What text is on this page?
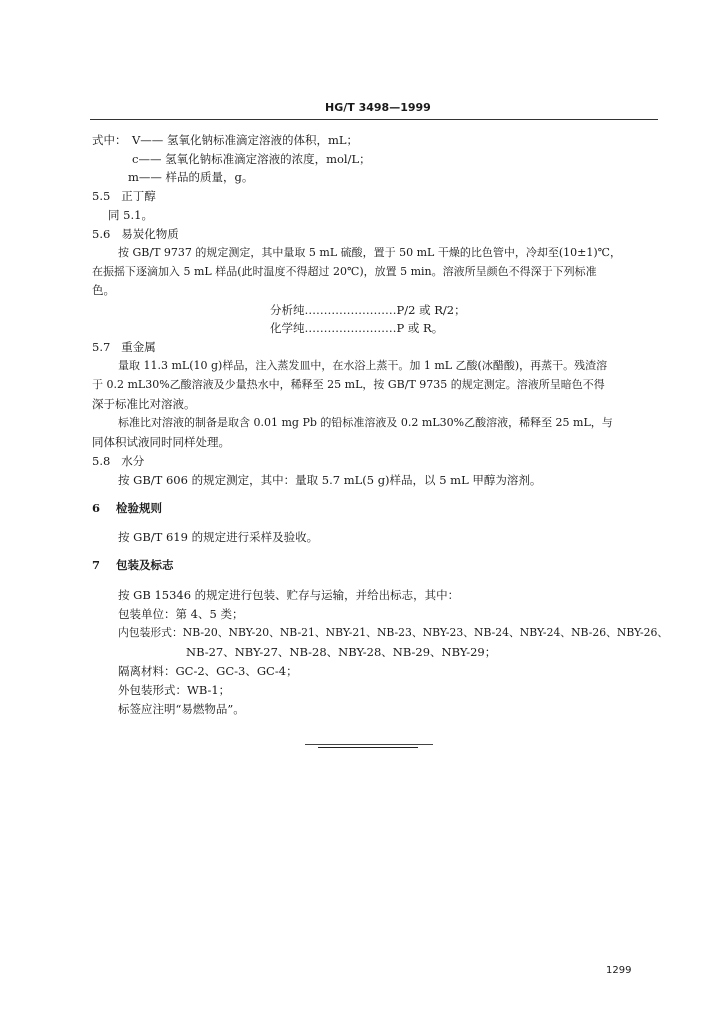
HG/T 3498—1999
式中： V—— 氢氧化钠标准滴定溶液的体积，mL；
c—— 氢氧化钠标准滴定溶液的浓度，mol/L；
m—— 样品的质量，g。
5.5 正丁醇
同 5.1。
5.6 易炭化物质
按 GB/T 9737 的规定测定，其中量取 5 mL 硫酸，置于 50 mL 干燥的比色管中，冷却至(10±1)℃，
在振摇下逐滴加入 5 mL 样品(此时温度不得超过 20℃)，放置 5 min。溶液所呈颜色不得深于下列标准
色。
分析纯……………………P/2 或 R/2；
化学纯……………………P 或 R。
5.7 重金属
量取 11.3 mL(10 g)样品，注入蒸发皿中，在水浴上蒸干。加 1 mL 乙酸(冰醋酸)，再蒸干。残渣溶
于 0.2 mL30%乙酸溶液及少量热水中，稀释至 25 mL，按 GB/T 9735 的规定测定。溶液所呈暗色不得
深于标准比对溶液。
标准比对溶液的制备是取含 0.01 mg Pb 的铅标准溶液及 0.2 mL30%乙酸溶液，稀释至 25 mL，与
同体积试液同时同样处理。
5.8 水分
按 GB/T 606 的规定测定，其中：量取 5.7 mL(5 g)样品，以 5 mL 甲醇为溶剂。
6 检验规则
按 GB/T 619 的规定进行采样及验收。
7 包装及标志
按 GB 15346 的规定进行包装、贮存与运输，并给出标志，其中：
包装单位：第 4、5 类；
内包装形式：NB-20、NBY-20、NB-21、NBY-21、NB-23、NBY-23、NB-24、NBY-24、NB-26、NBY-26、
NB-27、NBY-27、NB-28、NBY-28、NB-29、NBY-29；
隔离材料：GC-2、GC-3、GC-4；
外包装形式：WB-1；
标签应注明“易燃物品”。
1299
